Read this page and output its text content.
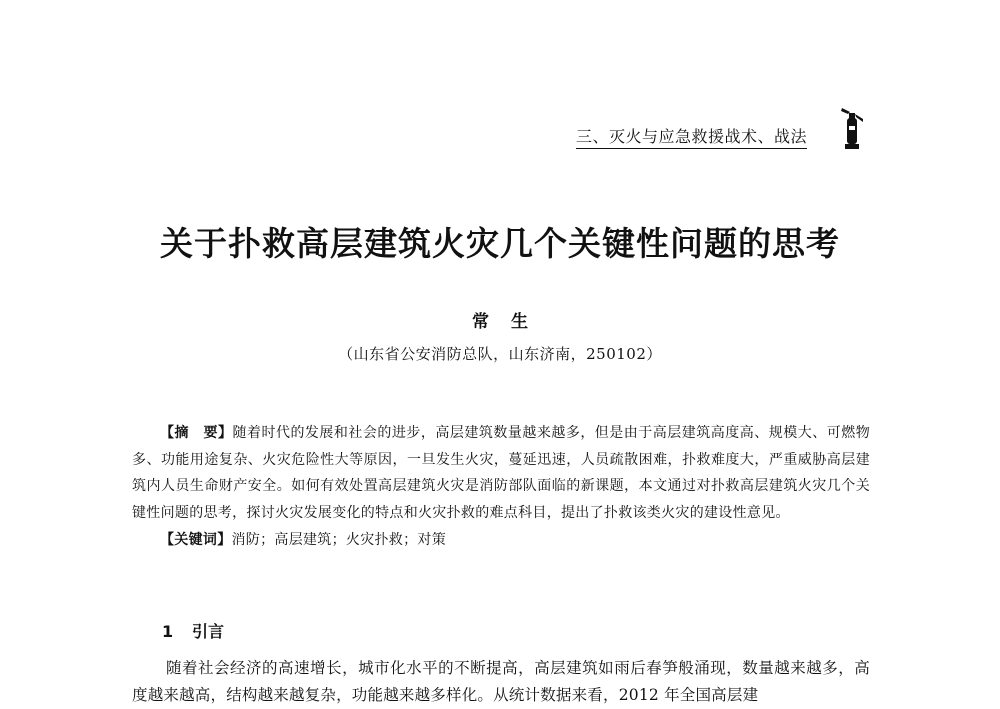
三、灭火与应急救援战术、战法
关于扑救高层建筑火灾几个关键性问题的思考
常生
（山东省公安消防总队，山东济南，250102）
【摘　要】随着时代的发展和社会的进步，高层建筑数量越来越多，但是由于高层建筑高度高、规模大、可燃物多、功能用途复杂、火灾危险性大等原因，一旦发生火灾，蔓延迅速，人员疏散困难，扑救难度大，严重威胁高层建筑内人员生命财产安全。如何有效处置高层建筑火灾是消防部队面临的新课题，本文通过对扑救高层建筑火灾几个关键性问题的思考，探讨火灾发展变化的特点和火灾扑救的难点科目，提出了扑救该类火灾的建设性意见。
【关键词】消防；高层建筑；火灾扑救；对策
1 引言
随着社会经济的高速增长，城市化水平的不断提高，高层建筑如雨后春笋般涌现，数量越来越多，高度越来越高，结构越来越复杂，功能越来越多样化。从统计数据来看，2012 年全国高层建
